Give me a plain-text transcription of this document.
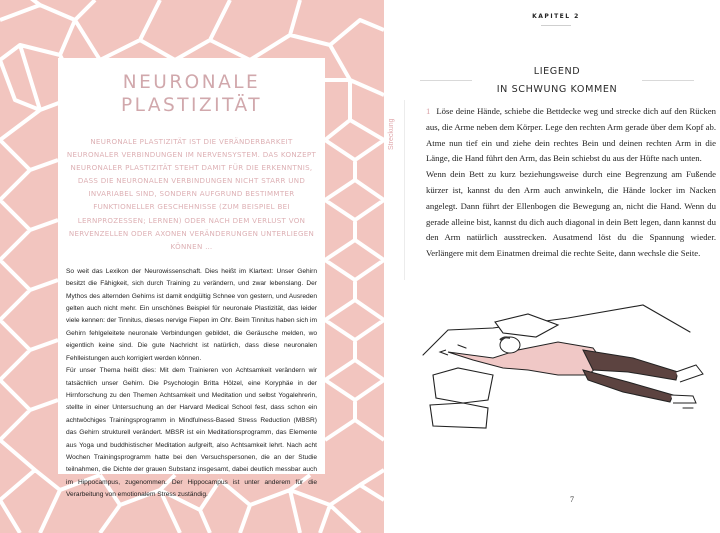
NEURONALE
PLASTIZITÄT
NEURONALE PLASTIZITÄT IST DIE VERÄNDERBARKEIT NEURONALER VERBINDUNGEN IM NERVENSYSTEM. DAS KONZEPT NEURONALER PLASTIZITÄT STEHT DAMIT FÜR DIE ERKENNTNIS, DASS DIE NEURONALEN VERBINDUNGEN NICHT STARR UND INVARIABEL SIND, SONDERN AUFGRUND BESTIMMTER FUNKTIONELLER GESCHEHNISSE (ZUM BEISPIEL BEI LERNPROZESSEN; LERNEN) ODER NACH DEM VERLUST VON NERVENZELLEN ODER AXONEN VERÄNDERUNGEN UNTERLIEGEN KÖNNEN …

So weit das Lexikon der Neurowissenschaft. Dies heißt im Klartext: Unser Gehirn besitzt die Fähigkeit, sich durch Training zu verändern, und zwar lebenslang. Der Mythos des alternden Gehirns ist damit endgültig Schnee von gestern, und Ausreden gelten auch nicht mehr. Ein unschönes Beispiel für neuronale Plastizität, das leider viele kennen: der Tinnitus, dieses nervige Fiepen im Ohr. Beim Tinnitus haben sich im Gehirn fehlgeleitete neuronale Verbindungen gebildet, die Geräusche melden, wo eigentlich keine sind. Die gute Nachricht ist natürlich, dass diese neuronalen Fehlleistungen auch korrigiert werden können.

Für unser Thema heißt dies: Mit dem Trainieren von Achtsamkeit verändern wir tatsächlich unser Gehirn. Die Psychologin Britta Hölzel, eine Koryphäe in der Hirnforschung zu den Themen Achtsamkeit und Meditation und selbst Yogalehrerin, stellte in einer Untersuchung an der Harvard Medical School fest, dass schon ein achtwöchiges Trainingsprogramm in Mindfulness-Based Stress Reduction (MBSR) das Gehirn strukturell verändert. MBSR ist ein Meditationsprogramm, das Elemente aus Yoga und buddhistischer Meditation aufgreift, also Achtsamkeit lehrt. Nach acht Wochen Trainingsprogramm hatte bei den Versuchspersonen, die an der Studie teilnahmen, die Dichte der grauen Substanz insgesamt, dabei deutlich messbar auch im Hippocampus, zugenommen. Der Hippocampus ist unter anderem für die Verarbeitung von emotionalem Stress zuständig.

KAPITEL 2
LIEGEND
IN SCHWUNG KOMMEN
Streckung

1 Löse deine Hände, schiebe die Bettdecke weg und strecke dich auf den Rücken aus, die Arme neben dem Körper. Lege den rechten Arm gerade über dem Kopf ab. Atme nun tief ein und ziehe dein rechtes Bein und deinen rechten Arm in die Länge, die Hand führt den Arm, das Bein schiebst du aus der Hüfte nach unten.

Wenn dein Bett zu kurz beziehungsweise durch eine Begrenzung am Fußende kürzer ist, kannst du den Arm auch anwinkeln, die Hände locker im Nacken angelegt. Dann führt der Ellenbogen die Bewegung an, nicht die Hand. Wenn du gerade alleine bist, kannst du dich auch diagonal in dein Bett legen, dann kannst du den Arm natürlich ausstrecken. Ausatmend löst du die Spannung wieder. Verlängere mit dem Einatmen dreimal die rechte Seite, dann wechsle die Seite.

7
